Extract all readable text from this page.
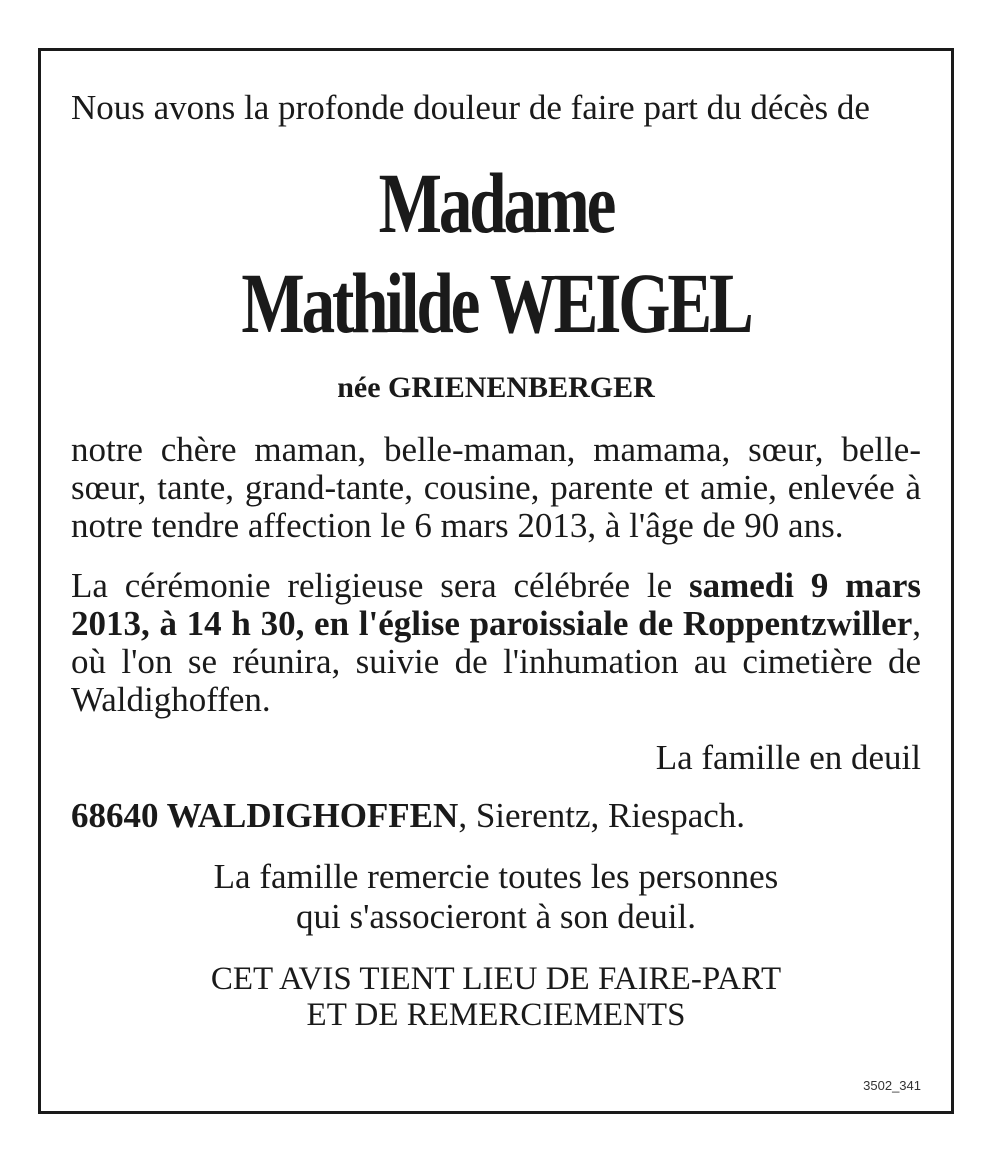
Nous avons la profonde douleur de faire part du décès de

Madame

Mathilde WEIGEL

née GRIENENBERGER

notre chère maman, belle-maman, mamama, sœur, belle-sœur, tante, grand-tante, cousine, parente et amie, enlevée à notre tendre affection le 6 mars 2013, à l'âge de 90 ans.

La cérémonie religieuse sera célébrée le samedi 9 mars 2013, à 14 h 30, en l'église paroissiale de Roppentzwiller, où l'on se réunira, suivie de l'inhumation au cimetière de Waldighoffen.

La famille en deuil

68640 WALDIGHOFFEN, Sierentz, Riespach.

La famille remercie toutes les personnes
qui s'associeront à son deuil.
CET AVIS TIENT LIEU DE FAIRE-PART
ET DE REMERCIEMENTS
3502_341
